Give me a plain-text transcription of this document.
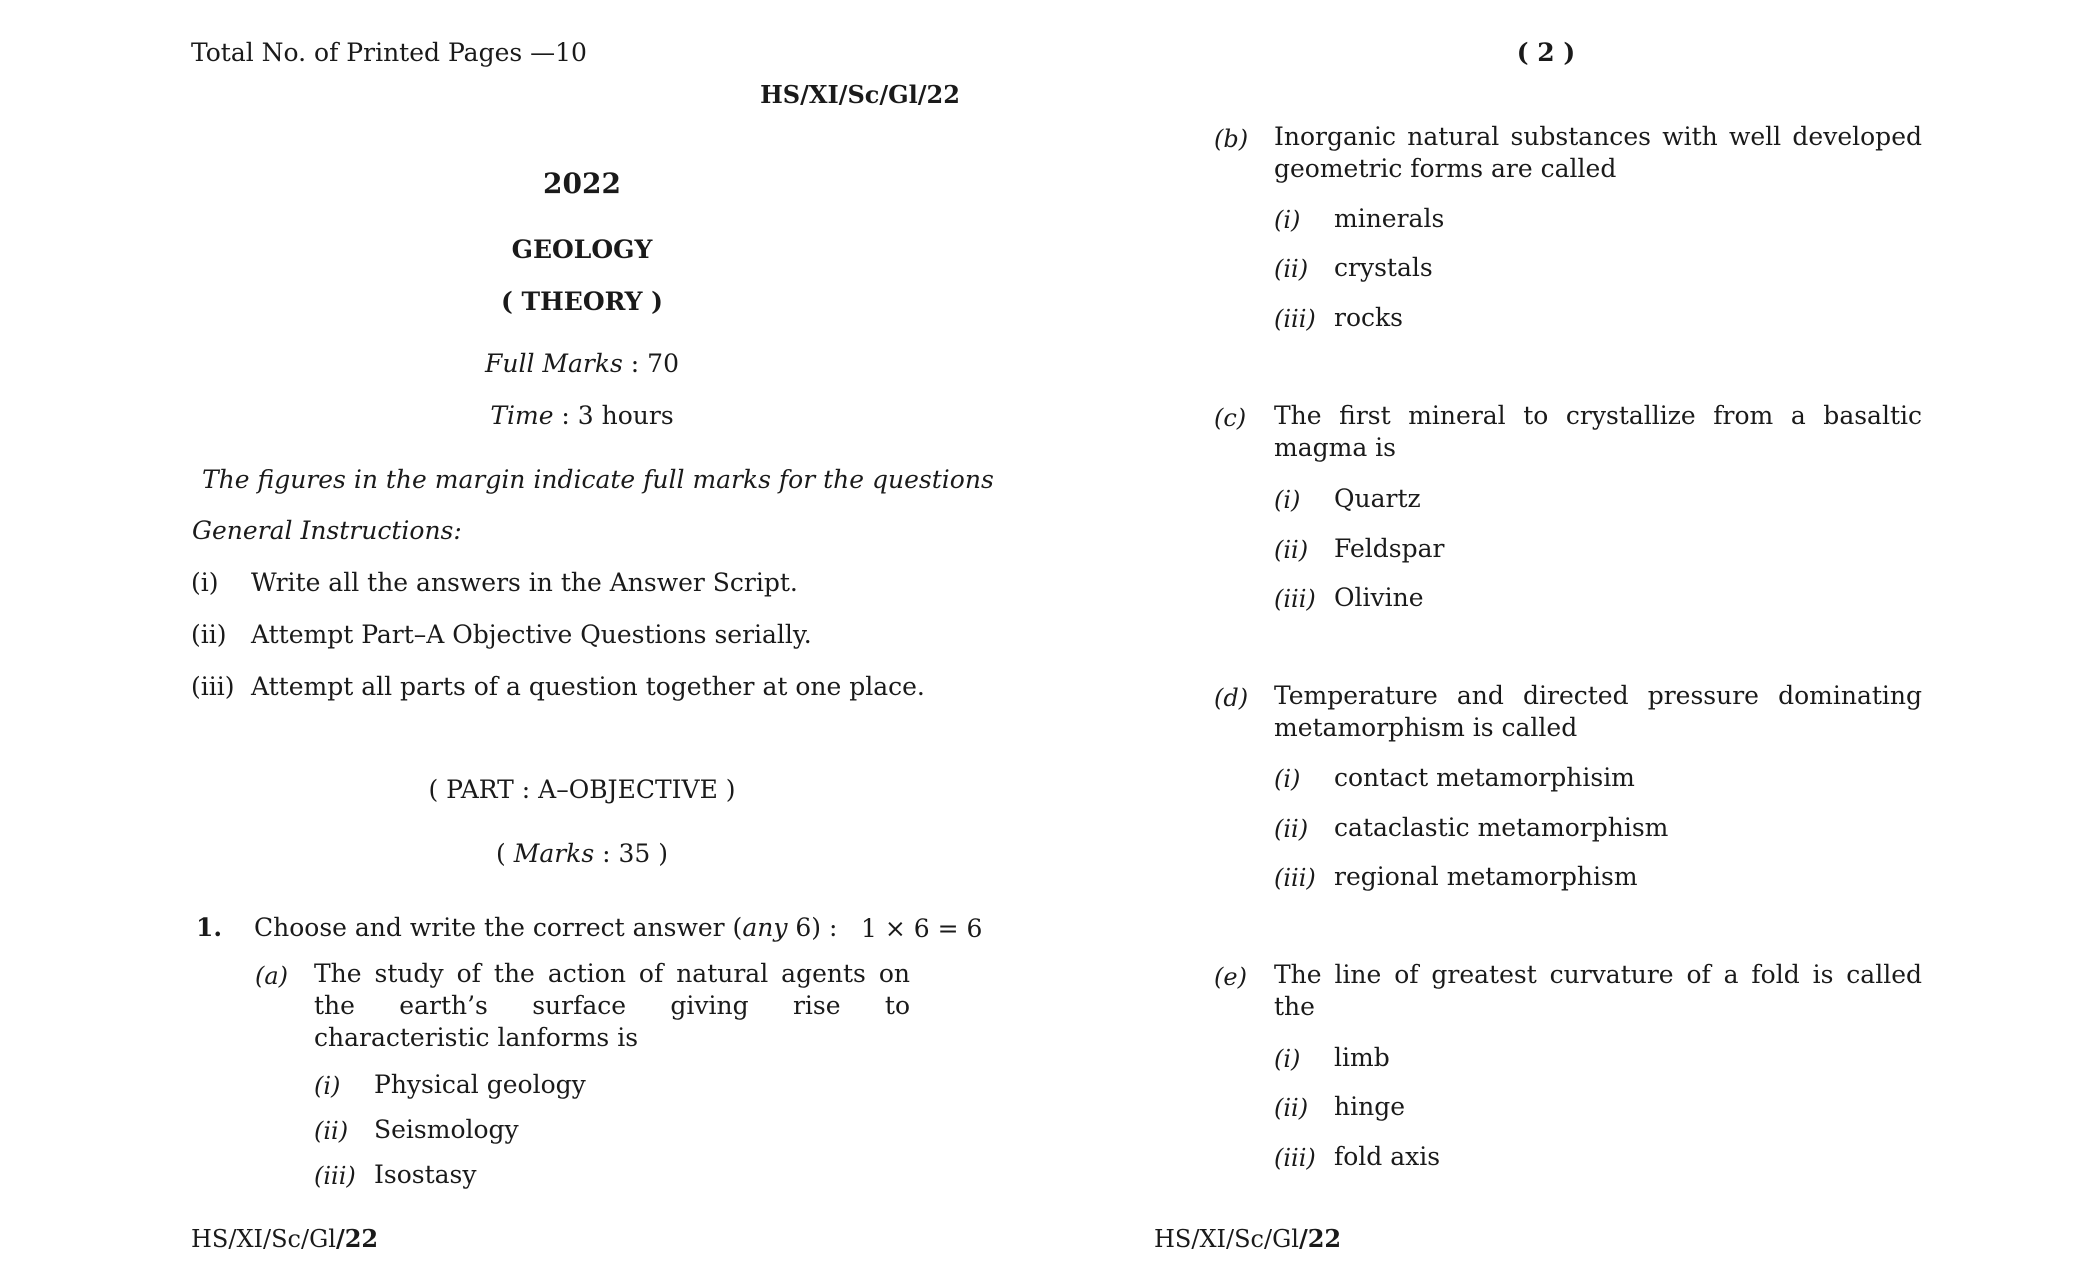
Total No. of Printed Pages —10
HS/XI/Sc/Gl/22
2022
GEOLOGY
( THEORY )
Full Marks : 70
Time : 3 hours
The figures in the margin indicate full marks for the questions
General Instructions:
(i) Write all the answers in the Answer Script.
(ii) Attempt Part–A Objective Questions serially.
(iii) Attempt all parts of a question together at one place.
( PART : A–OBJECTIVE )
( Marks : 35 )
1. Choose and write the correct answer (any 6) : 1 × 6 = 6
(a) The study of the action of natural agents on the earth’s surface giving rise to characteristic lanforms is
(i) Physical geology
(ii) Seismology
(iii) Isostasy
HS/XI/Sc/Gl/22
( 2 )
(b) Inorganic natural substances with well developed geometric forms are called
(i) minerals
(ii) crystals
(iii) rocks
(c) The first mineral to crystallize from a basaltic magma is
(i) Quartz
(ii) Feldspar
(iii) Olivine
(d) Temperature and directed pressure dominating metamorphism is called
(i) contact metamorphisim
(ii) cataclastic metamorphism
(iii) regional metamorphism
(e) The line of greatest curvature of a fold is called the
(i) limb
(ii) hinge
(iii) fold axis
HS/XI/Sc/Gl/22
